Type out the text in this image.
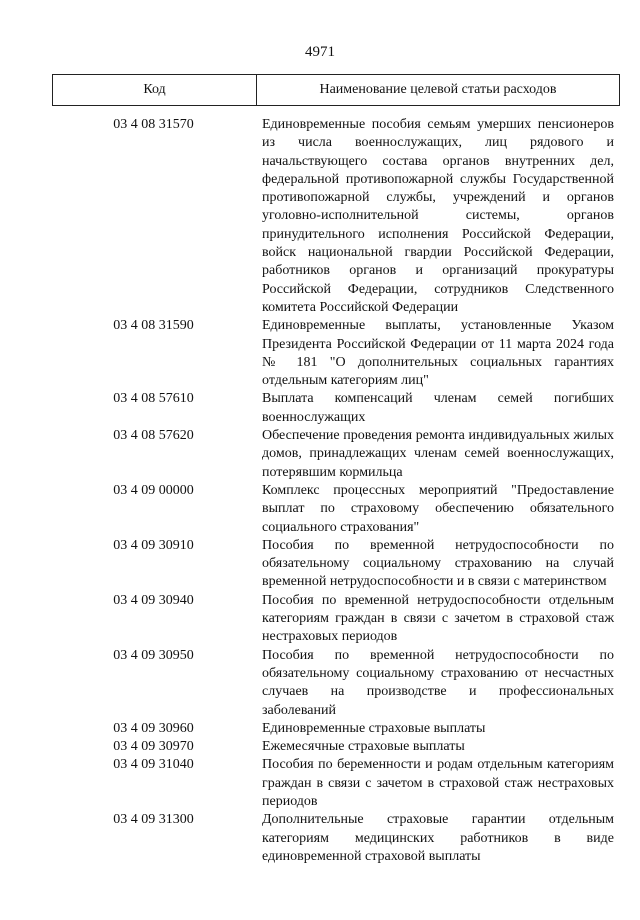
4971
Код	Наименование целевой статьи расходов
03 4 08 31570	Единовременные пособия семьям умерших пенсионеров из числа военнослужащих, лиц рядового и начальствующего состава органов внутренних дел, федеральной противопожарной службы Государственной противопожарной службы, учреждений и органов уголовно-исполнительной системы, органов принудительного исполнения Российской Федерации, войск национальной гвардии Российской Федерации, работников органов и организаций прокуратуры Российской Федерации, сотрудников Следственного комитета Российской Федерации
03 4 08 31590	Единовременные выплаты, установленные Указом Президента Российской Федерации от 11 марта 2024 года № 181 "О дополнительных социальных гарантиях отдельным категориям лиц"
03 4 08 57610	Выплата компенсаций членам семей погибших военнослужащих
03 4 08 57620	Обеспечение проведения ремонта индивидуальных жилых домов, принадлежащих членам семей военнослужащих, потерявшим кормильца
03 4 09 00000	Комплекс процессных мероприятий "Предоставление выплат по страховому обеспечению обязательного социального страхования"
03 4 09 30910	Пособия по временной нетрудоспособности по обязательному социальному страхованию на случай временной нетрудоспособности и в связи с материнством
03 4 09 30940	Пособия по временной нетрудоспособности отдельным категориям граждан в связи с зачетом в страховой стаж нестраховых периодов
03 4 09 30950	Пособия по временной нетрудоспособности по обязательному социальному страхованию от несчастных случаев на производстве и профессиональных заболеваний
03 4 09 30960	Единовременные страховые выплаты
03 4 09 30970	Ежемесячные страховые выплаты
03 4 09 31040	Пособия по беременности и родам отдельным категориям граждан в связи с зачетом в страховой стаж нестраховых периодов
03 4 09 31300	Дополнительные страховые гарантии отдельным категориям медицинских работников в виде единовременной страховой выплаты
